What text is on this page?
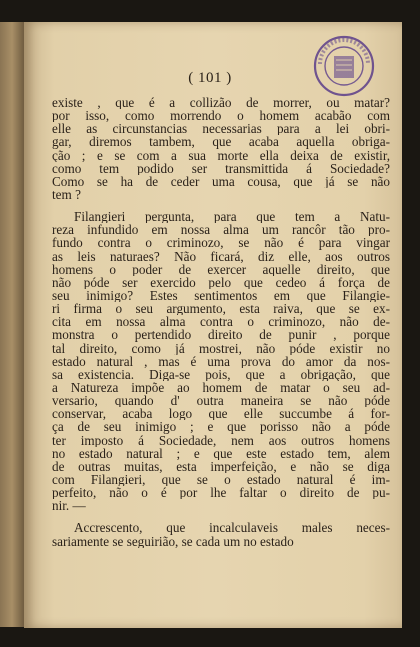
( 101 )
existe , que é a collizão de morrer, ou matar?
por isso, como morrendo o homem acabão com
elle as circunstancias necessarias para a lei obri-
gar, diremos tambem, que acaba aquella obriga-
ção ; e se com a sua morte ella deixa de existir,
como tem podido ser transmittida á Sociedade?
Como se ha de ceder uma cousa, que já se não
tem ?
Filangieri pergunta, para que tem a Natu-
reza infundido em nossa alma um rancôr tão pro-
fundo contra o criminozo, se não é para vingar
as leis naturaes? Não ficará, diz elle, aos outros
homens o poder de exercer aquelle direito, que
não póde ser exercido pelo que cedeo á força de
seu inimigo? Estes sentimentos em que Filangie-
ri firma o seu argumento, esta raiva, que se ex-
cita em nossa alma contra o criminozo, não de-
monstra o pertendido direito de punir , porque
tal direito, como já mostrei, não póde existir no
estado natural , mas é uma prova do amor da nos-
sa existencia. Diga-se pois, que a obrigação, que
a Natureza impõe ao homem de matar o seu ad-
versario, quando d' outra maneira se não póde
conservar, acaba logo que elle succumbe á for-
ça de seu inimigo ; e que porisso não a póde
ter imposto á Sociedade, nem aos outros homens
no estado natural ; e que este estado tem, alem
de outras muitas, esta imperfeição, e não se diga
com Filangieri, que se o estado natural é im-
perfeito, não o é por lhe faltar o direito de pu-
nir. —
Accrescento, que incalculaveis males neces-
sariamente se seguirião, se cada um no estado
